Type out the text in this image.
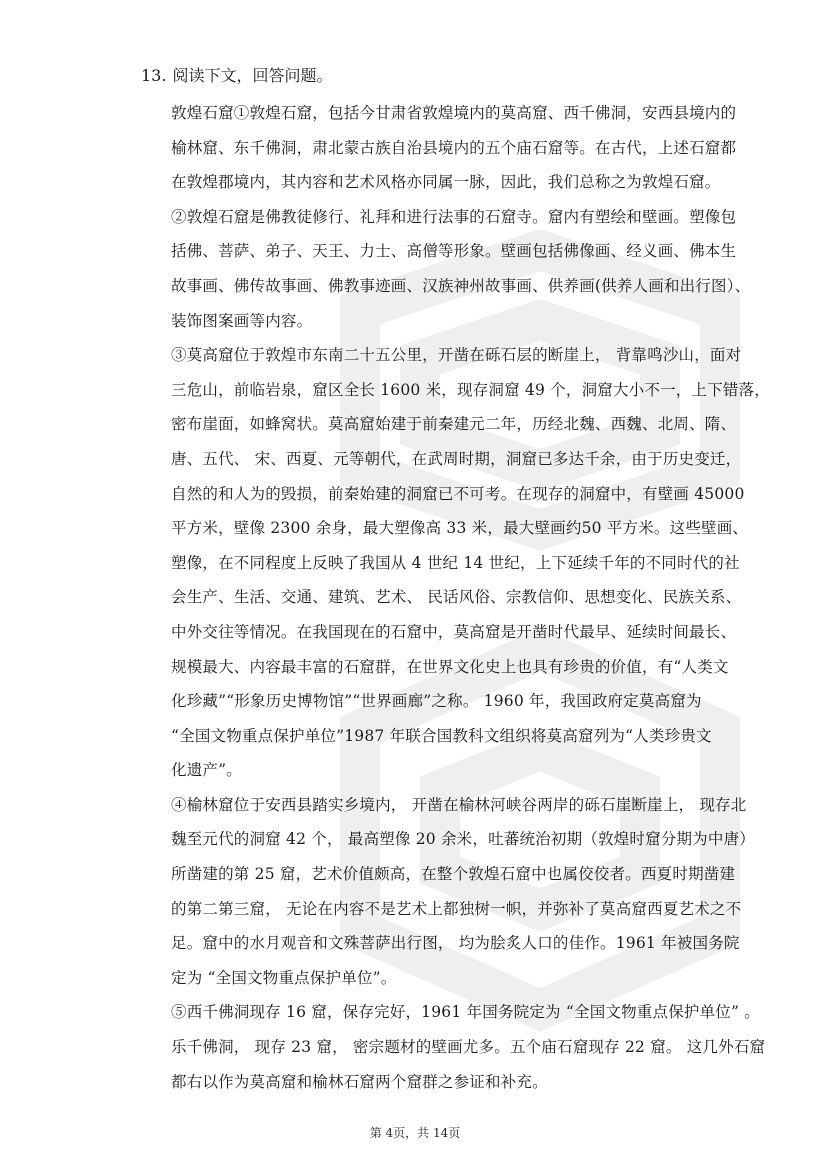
13. 阅读下文，回答问题。
敦煌石窟①敦煌石窟，包括今甘肃省敦煌境内的莫高窟、西千佛洞，安西县境内的
榆林窟、东千佛洞，肃北蒙古族自治县境内的五个庙石窟等。在古代，上述石窟都
在敦煌郡境内，其内容和艺术风格亦同属一脉，因此，我们总称之为敦煌石窟。
②敦煌石窟是佛教徒修行、礼拜和进行法事的石窟寺。窟内有塑绘和壁画。塑像包
括佛、菩萨、弟子、天王、力士、高僧等形象。壁画包括佛像画、经义画、佛本生
故事画、佛传故事画、佛教事迹画、汉族神州故事画、供养画(供养人画和出行图）、
装饰图案画等内容。
③莫高窟位于敦煌市东南二十五公里，开凿在砾石层的断崖上， 背靠鸣沙山，面对
三危山，前临岩泉，窟区全长 1600 米，现存洞窟 49 个，洞窟大小不一，上下错落，
密布崖面，如蜂窝状。莫高窟始建于前秦建元二年，历经北魏、西魏、北周、隋、
唐、五代、 宋、西夏、元等朝代，在武周时期，洞窟已多达千余，由于历史变迁，
自然的和人为的毁损，前秦始建的洞窟已不可考。在现存的洞窟中，有壁画 45000
平方米，壁像 2300 余身，最大塑像高 33 米，最大壁画约50 平方米。这些壁画、
塑像，在不同程度上反映了我国从 4 世纪 14 世纪，上下延续千年的不同时代的社
会生产、生活、交通、建筑、艺术、 民话风俗、宗教信仰、思想变化、民族关系、
中外交往等情况。在我国现在的石窟中，莫高窟是开凿时代最早、延续时间最长、
规模最大、内容最丰富的石窟群，在世界文化史上也具有珍贵的价值，有“人类文
化珍藏”“形象历史博物馆”“世界画廊”之称。 1960 年，我国政府定莫高窟为
“全国文物重点保护单位”1987 年联合国教科文组织将莫高窟列为“人类珍贵文
化遗产”。
④榆林窟位于安西县踏实乡境内， 开凿在榆林河峡谷两岸的砾石崖断崖上， 现存北
魏至元代的洞窟 42 个， 最高塑像 20 余米，吐蕃统治初期（敦煌时窟分期为中唐）
所凿建的第 25 窟，艺术价值颇高，在整个敦煌石窟中也属佼佼者。西夏时期凿建
的第二第三窟， 无论在内容不是艺术上都独树一帜，并弥补了莫高窟西夏艺术之不
足。窟中的水月观音和文殊菩萨出行图， 均为脍炙人口的佳作。1961 年被国务院
定为 “全国文物重点保护单位”。
⑤西千佛洞现存 16 窟，保存完好，1961 年国务院定为 “全国文物重点保护单位” 。
乐千佛洞， 现存 23 窟， 密宗题材的壁画尤多。五个庙石窟现存 22 窟。 这几外石窟
都右以作为莫高窟和榆林石窟两个窟群之参证和补充。
第 4页，共 14页
